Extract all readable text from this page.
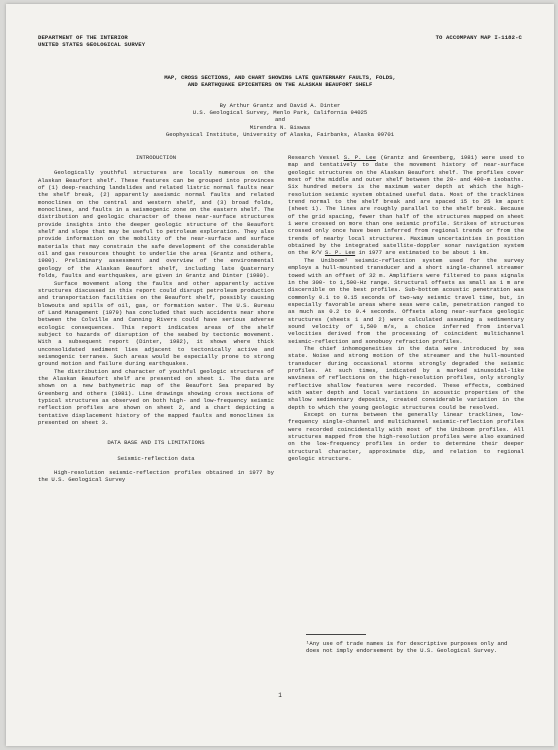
DEPARTMENT OF THE INTERIOR
UNITED STATES GEOLOGICAL SURVEY
TO ACCOMPANY MAP I-1182-C
MAP, CROSS SECTIONS, AND CHART SHOWING LATE QUATERNARY FAULTS, FOLDS,
AND EARTHQUAKE EPICENTERS ON THE ALASKAN BEAUFORT SHELF
By Arthur Grantz and David A. Dinter
U.S. Geological Survey, Menlo Park, California 94025
and
Mirendra N. Biswas
Geophysical Institute, University of Alaska, Fairbanks, Alaska 99701
INTRODUCTION

Geologically youthful structures are locally numerous on the Alaskan Beaufort shelf. These features can be grouped into provinces of (1) deep-reaching landslides and related listric normal faults near the shelf break, (2) apparently aseismic normal faults and related monoclines on the central and western shelf, and (3) broad folds, monoclines, and faults in a seismogenic zone on the eastern shelf. The distribution and geologic character of these near-surface structures provide insights into the deeper geologic structure of the Beaufort shelf and slope that may be useful to petroleum exploration. They also provide information on the mobility of the near-surface and surface materials that may constrain the safe development of the considerable oil and gas resources thought to underlie the area (Grantz and others, 1980). Preliminary assessment and overview of the environmental geology of the Alaskan Beaufort shelf, including late Quaternary folds, faults and earthquakes, are given in Grantz and Dinter (1980).

Surface movement along the faults and other apparently active structures discussed in this report could disrupt petroleum production and transportation facilities on the Beaufort shelf, possibly causing blowouts and spills of oil, gas, or formation water. The U.S. Bureau of Land Management (1979) has concluded that such accidents near shore between the Colville and Canning Rivers could have serious adverse ecologic consequences. This report indicates areas of the shelf subject to hazards of disruption of the seabed by tectonic movement. With a subsequent report (Dinter, 1982), it shows where thick unconsolidated sediment lies adjacent to tectonically active and seismogenic terranes. Such areas would be especially prone to strong ground motion and failure during earthquakes.

The distribution and character of youthful geologic structures of the Alaskan Beaufort shelf are presented on sheet 1. The data are shown on a new bathymetric map of the Beaufort Sea prepared by Greenberg and others (1981). Line drawings showing cross sections of typical structures as observed on both high- and low-frequency seismic reflection profiles are shown on sheet 2, and a chart depicting a tentative displacement history of the mapped faults and monoclines is presented on sheet 3.

DATA BASE AND ITS LIMITATIONS
Seismic-reflection data

High-resolution seismic-reflection profiles obtained in 1977 by the U.S. Geological Survey

Research Vessel S. P. Lee (Grantz and Greenberg, 1981) were used to map and tentatively to date the movement history of near-surface geologic structures on the Alaskan Beaufort shelf. The profiles cover most of the middle and outer shelf between the 20- and 400-m isobaths. Six hundred meters is the maximum water depth at which the high-resolution seismic system obtained useful data. Most of the tracklines trend normal to the shelf break and are spaced 15 to 25 km apart (sheet 1). The lines are roughly parallel to the shelf break. Because of the grid spacing, fewer than half of the structures mapped on sheet 1 were crossed on more than one seismic profile. Strikes of structures crossed only once have been inferred from regional trends or from the trends of nearby local structures. Maximum uncertainties in position obtained by the integrated satellite-doppler sonar navigation system on the R/V S. P. Lee in 1977 are estimated to be about 1 km.

The Uniboom¹ seismic-reflection system used for the survey employs a hull-mounted transducer and a short single-channel streamer towed with an offset of 32 m. Amplifiers were filtered to pass signals in the 300- to 1,500-Hz range. Structural offsets as small as 1 m are discernible on the best profiles. Sub-bottom acoustic penetration was commonly 0.1 to 0.15 seconds of two-way seismic travel time, but, in especially favorable areas where seas were calm, penetration ranged to as much as 0.2 to 0.4 seconds. Offsets along near-surface geologic structures (sheets 1 and 2) were calculated assuming a sedimentary sound velocity of 1,500 m/s, a choice inferred from interval velocities derived from the processing of coincident multichannel seismic-reflection and sonobuoy refraction profiles.

The chief inhomogeneities in the data were introduced by sea state. Noise and strong motion of the streamer and the hull-mounted transducer during occasional storms strongly degraded the seismic profiles. At such times, indicated by a marked sinusoidal-like waviness of reflections on the high-resolution profiles, only strongly reflective shallow features were recorded. These effects, combined with water depth and local variations in acoustic properties of the shallow sedimentary deposits, created considerable variation in the depth to which the young geologic structures could be resolved.

Except on turns between the generally linear tracklines, low-frequency single-channel and multichannel seismic-reflection profiles were recorded coincidentally with most of the Uniboom profiles. All structures mapped from the high-resolution profiles were also examined on the low-frequency profiles in order to determine their deeper structural character, approximate dip, and relation to regional geologic structure.

¹Any use of trade names is for descriptive purposes only and does not imply endorsement by the U.S. Geological Survey.
1
